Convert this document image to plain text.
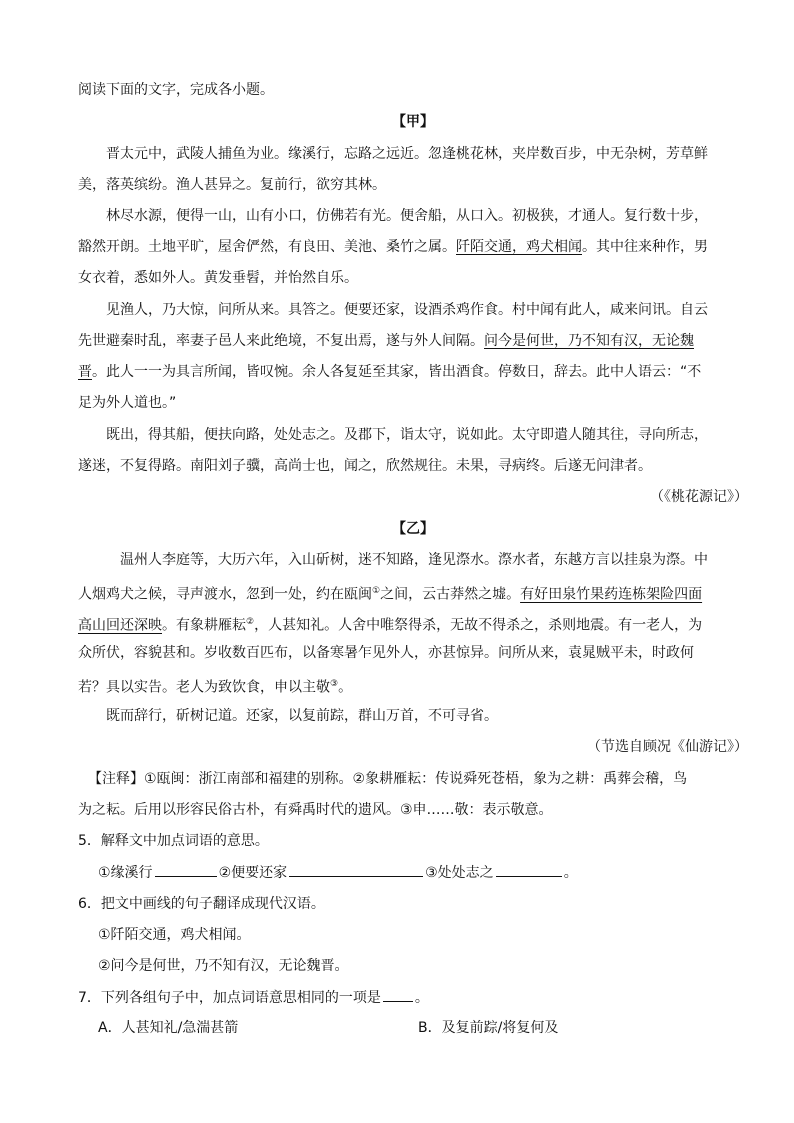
阅读下面的文字，完成各小题。
【甲】
晋太元中，武陵人捕鱼为业。缘溪行，忘路之远近。忽逢桃花林，夹岸数百步，中无杂树，芳草鲜
美，落英缤纷。渔人甚异之。复前行，欲穷其林。
林尽水源，便得一山，山有小口，仿佛若有光。便舍船，从口入。初极狭，才通人。复行数十步，
豁然开朗。土地平旷，屋舍俨然，有良田、美池、桑竹之属。阡陌交通，鸡犬相闻。其中往来种作，男
女衣着，悉如外人。黄发垂髫，并怡然自乐。
见渔人，乃大惊，问所从来。具答之。便要还家，设酒杀鸡作食。村中闻有此人，咸来问讯。自云
先世避秦时乱，率妻子邑人来此绝境，不复出焉，遂与外人间隔。问今是何世，乃不知有汉，无论魏
晋。此人一一为具言所闻，皆叹惋。余人各复延至其家，皆出酒食。停数日，辞去。此中人语云：“不
足为外人道也。”
既出，得其船，便扶向路，处处志之。及郡下，诣太守，说如此。太守即遣人随其往，寻向所志，
遂迷，不复得路。南阳刘子骥，高尚士也，闻之，欣然规往。未果，寻病终。后遂无问津者。
（《桃花源记》）
【乙】
温州人李庭等，大历六年，入山斫树，迷不知路，逢见漈水。漈水者，东越方言以挂泉为漈。中
人烟鸡犬之候，寻声渡水，忽到一处，约在瓯闽①之间，云古莽然之墟。有好田泉竹果药连栋架险四面
高山回还深映。有象耕雁耘②，人甚知礼。人舍中唯祭得杀，无故不得杀之，杀则地震。有一老人，为
众所伏，容貌甚和。岁收数百匹布，以备寒暑乍见外人，亦甚惊异。问所从来，袁晁贼平未，时政何
若？具以实告。老人为致饮食，申以主敬③。
既而辞行，斫树记道。还家，以复前踪，群山万首，不可寻省。
（节选自顾况《仙游记》）
【注释】①瓯闽：浙江南部和福建的别称。②象耕雁耘：传说舜死苍梧，象为之耕：禹葬会稽，鸟
为之耘。后用以形容民俗古朴，有舜禹时代的遗风。③申……敬：表示敬意。
5．解释文中加点词语的意思。
①缘溪行	②便要还家	③处处志之	。
6．把文中画线的句子翻译成现代汉语。
①阡陌交通，鸡犬相闻。
②问今是何世，乃不知有汉，无论魏晋。
7．下列各组句子中，加点词语意思相同的一项是 。
A．人甚知礼/急湍甚箭	B．及复前踪/将复何及
